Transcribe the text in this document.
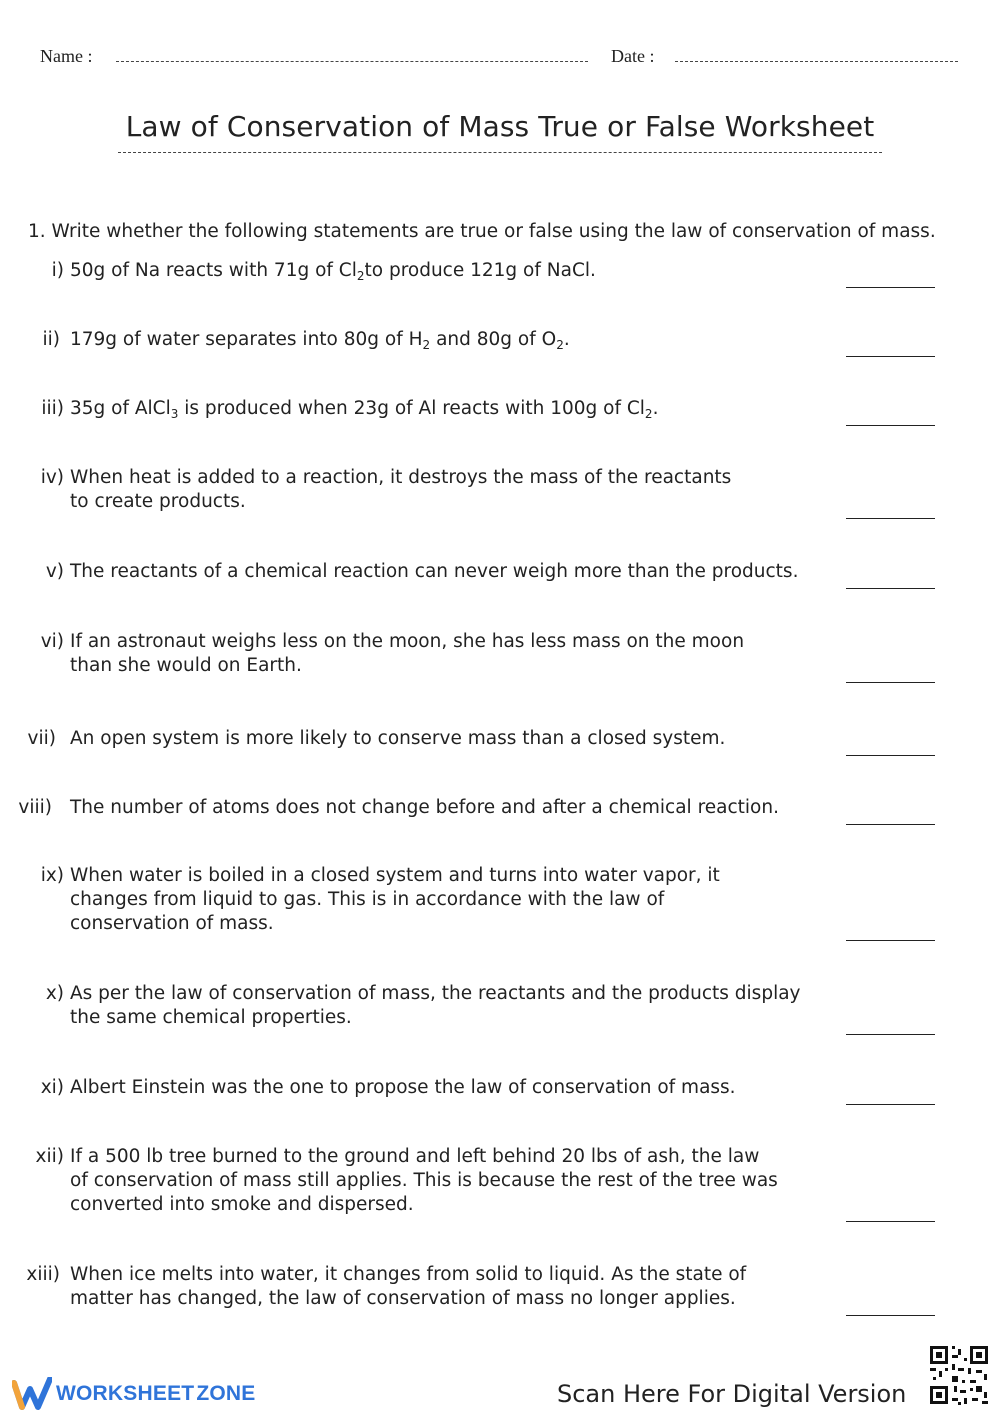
Name :	Date :
Law of Conservation of Mass True or False Worksheet
1. Write whether the following statements are true or false using the law of conservation of mass.
i) 50g of Na reacts with 71g of $Cl_2to$ produce 121g of NaCl.
ii) 179g of water separates into 80g of $H_2$ and 80g of $O_2$.
iii) 35g of AlCl$_3$ is produced when 23g of Al reacts with 100g of $Cl_2$.
iv) When heat is added to a reaction, it destroys the mass of the reactants
to create products.
v) The reactants of a chemical reaction can never weigh more than the products.
vi) If an astronaut weighs less on the moon, she has less mass on the moon
than she would on Earth.
vii) An open system is more likely to conserve mass than a closed system.
viii) The number of atoms does not change before and after a chemical reaction.
ix) When water is boiled in a closed system and turns into water vapor, it
changes from liquid to gas. This is in accordance with the law of
conservation of mass.
x) As per the law of conservation of mass, the reactants and the products display
the same chemical properties.
xi) Albert Einstein was the one to propose the law of conservation of mass.
xii) If a 500 lb tree burned to the ground and left behind 20 lbs of ash, the law
of conservation of mass still applies. This is because the rest of the tree was
converted into smoke and dispersed.
xiii) When ice melts into water, it changes from solid to liquid. As the state of
matter has changed, the law of conservation of mass no longer applies.
WORKSHEETZONE	Scan Here For Digital Version
